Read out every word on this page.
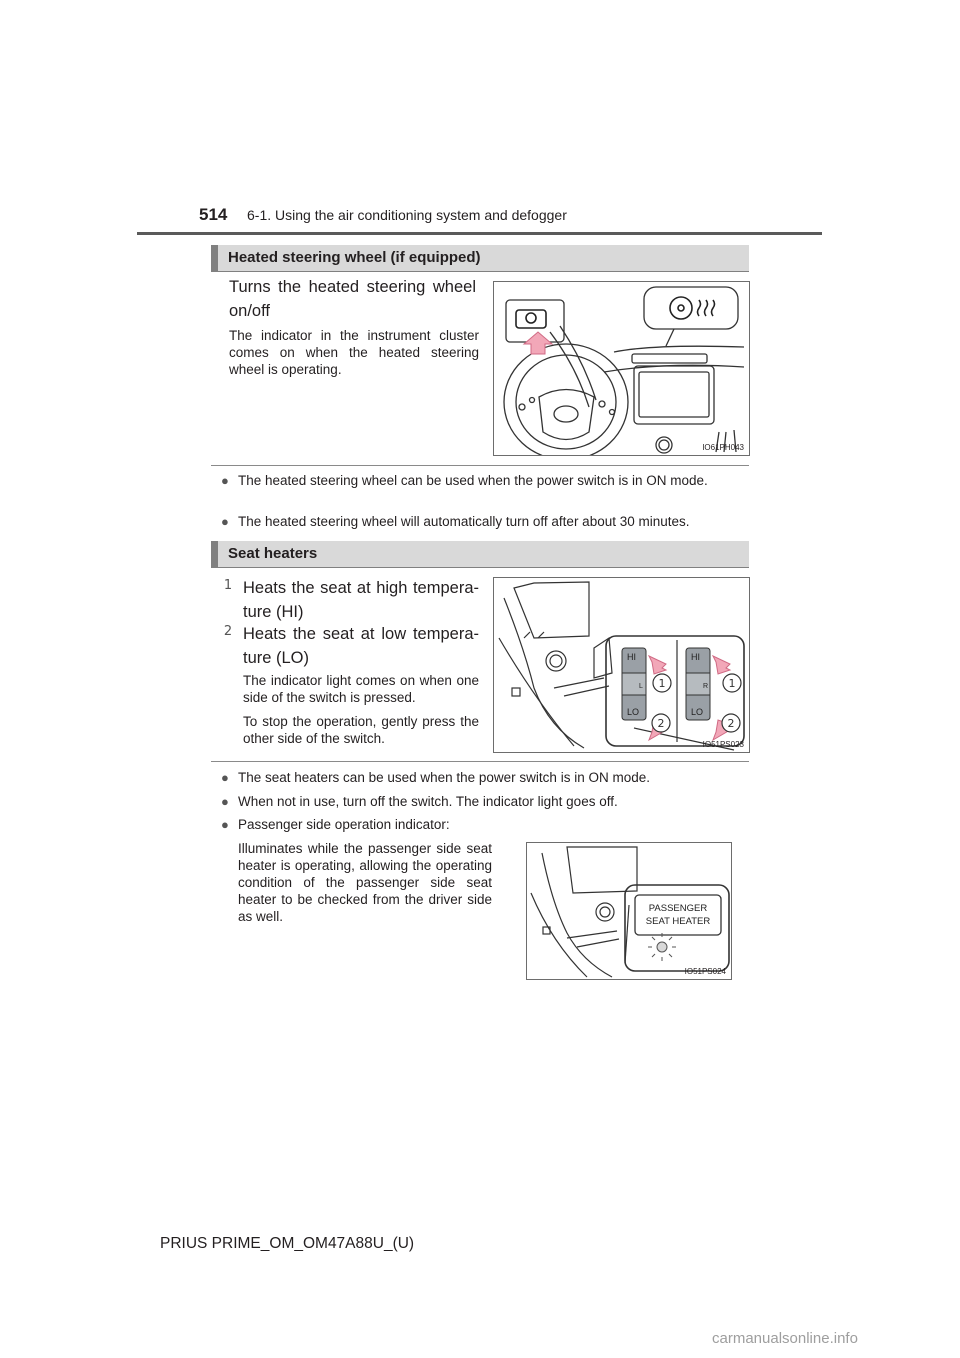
514 6-1. Using the air conditioning system and defogger
Heated steering wheel (if equipped)
Turns the heated steering wheel on/off
The indicator in the instrument cluster comes on when the heated steering wheel is operating.
IO61PH043
● The heated steering wheel can be used when the power switch is in ON mode.
● The heated steering wheel will automatically turn off after about 30 minutes.
Seat heaters
1 Heats the seat at high tempera-ture (HI)
2 Heats the seat at low tempera-ture (LO)
The indicator light comes on when one side of the switch is pressed.
To stop the operation, gently press the other side of the switch.
HI	HI
LO	LO
L	R
1	1
2	2
IO51PS023
● The seat heaters can be used when the power switch is in ON mode.
● When not in use, turn off the switch. The indicator light goes off.
● Passenger side operation indicator:
Illuminates while the passenger side seat heater is operating, allowing the operating condition of the passenger side seat heater to be checked from the driver side as well.
PASSENGER
SEAT HEATER
IO51PS024
PRIUS PRIME_OM_OM47A88U_(U)
carmanualsonline.info
